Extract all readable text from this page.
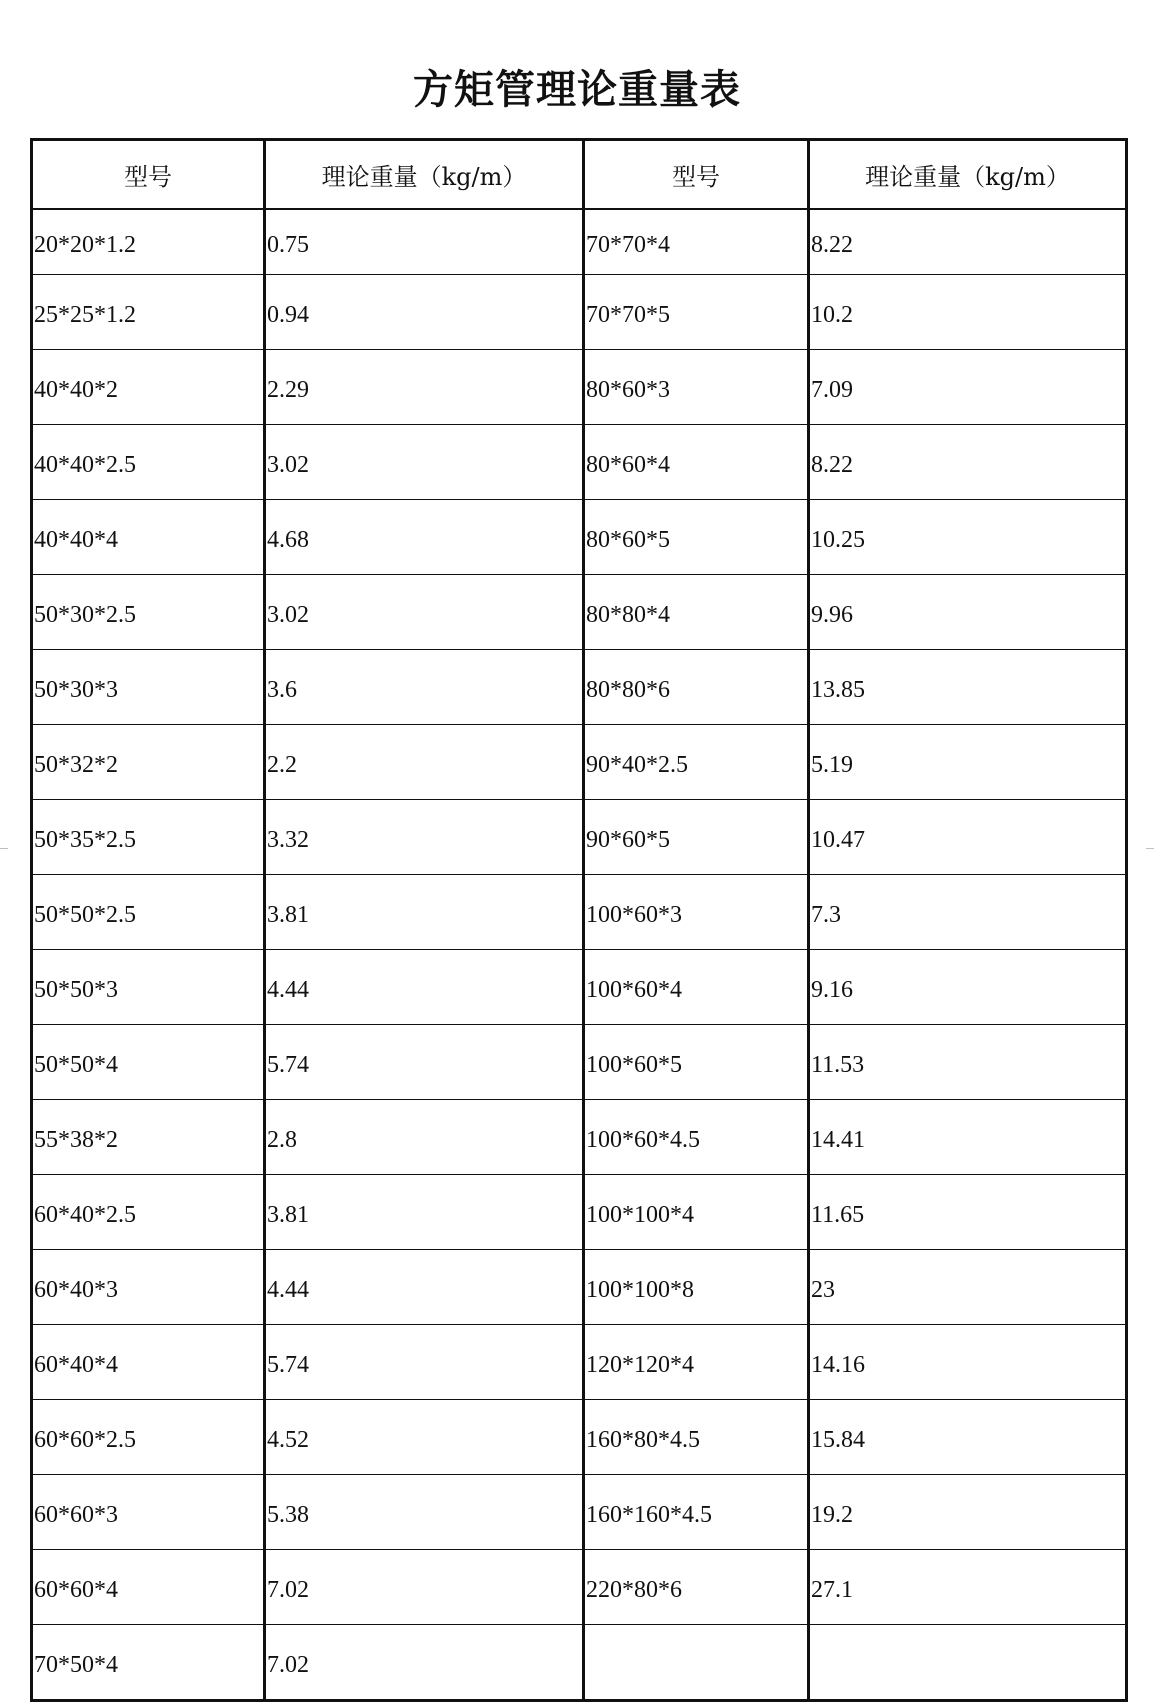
方矩管理论重量表
型号	理论重量（kg/m）	型号	理论重量（kg/m）
20*20*1.2	0.75	70*70*4	8.22
25*25*1.2	0.94	70*70*5	10.2
40*40*2	2.29	80*60*3	7.09
40*40*2.5	3.02	80*60*4	8.22
40*40*4	4.68	80*60*5	10.25
50*30*2.5	3.02	80*80*4	9.96
50*30*3	3.6	80*80*6	13.85
50*32*2	2.2	90*40*2.5	5.19
50*35*2.5	3.32	90*60*5	10.47
50*50*2.5	3.81	100*60*3	7.3
50*50*3	4.44	100*60*4	9.16
50*50*4	5.74	100*60*5	11.53
55*38*2	2.8	100*60*4.5	14.41
60*40*2.5	3.81	100*100*4	11.65
60*40*3	4.44	100*100*8	23
60*40*4	5.74	120*120*4	14.16
60*60*2.5	4.52	160*80*4.5	15.84
60*60*3	5.38	160*160*4.5	19.2
60*60*4	7.02	220*80*6	27.1
70*50*4	7.02		
